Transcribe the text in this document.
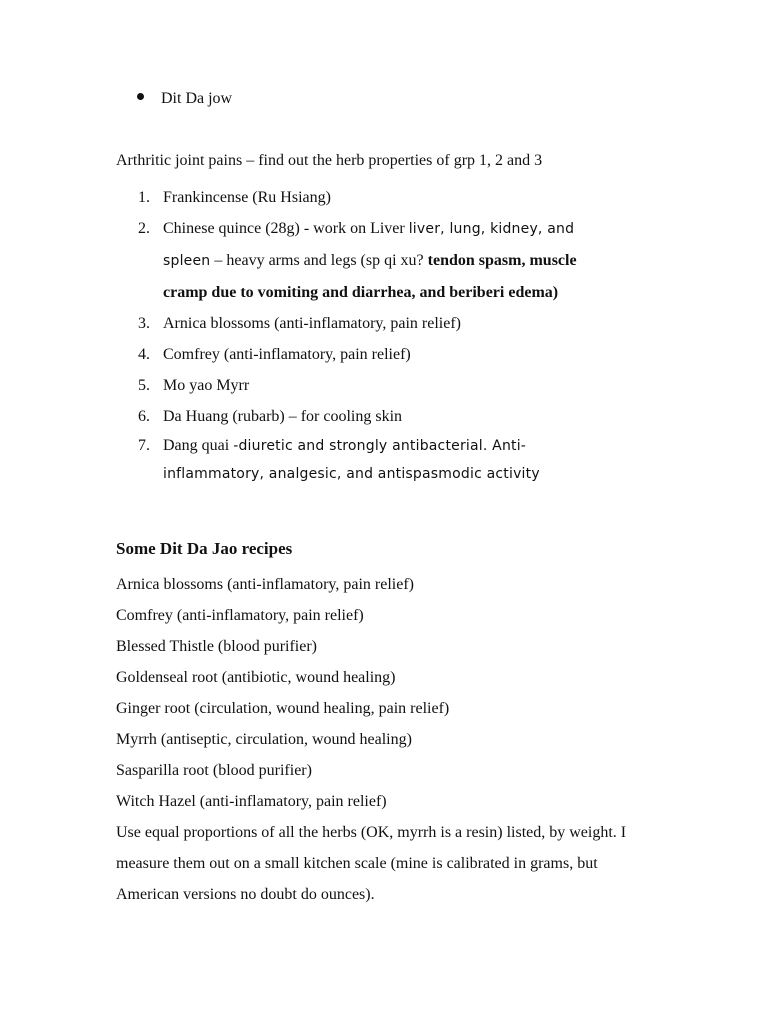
Dit Da jow
Arthritic joint pains – find out the herb properties of grp 1, 2 and 3
1. Frankincense (Ru Hsiang)
2. Chinese quince (28g) - work on Liver liver, lung, kidney, and spleen – heavy arms and legs (sp qi xu? tendon spasm, muscle cramp due to vomiting and diarrhea, and beriberi edema)
3. Arnica blossoms (anti-inflamatory, pain relief)
4. Comfrey (anti-inflamatory, pain relief)
5. Mo yao Myrr
6. Da Huang (rubarb) – for cooling skin
7. Dang quai -diuretic and strongly antibacterial. Anti-inflammatory, analgesic, and antispasmodic activity
Some Dit Da Jao recipes
Arnica blossoms (anti-inflamatory, pain relief)
Comfrey (anti-inflamatory, pain relief)
Blessed Thistle (blood purifier)
Goldenseal root (antibiotic, wound healing)
Ginger root (circulation, wound healing, pain relief)
Myrrh (antiseptic, circulation, wound healing)
Sasparilla root (blood purifier)
Witch Hazel (anti-inflamatory, pain relief)
Use equal proportions of all the herbs (OK, myrrh is a resin) listed, by weight. I measure them out on a small kitchen scale (mine is calibrated in grams, but American versions no doubt do ounces).
